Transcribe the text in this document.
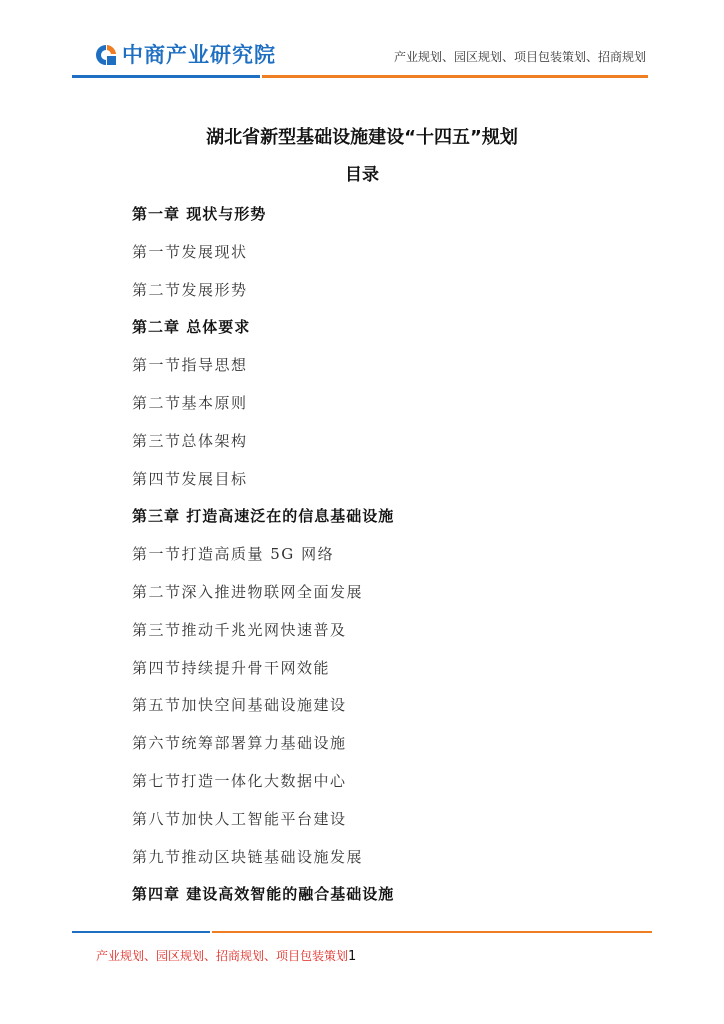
中商产业研究院	产业规划、园区规划、项目包装策划、招商规划
湖北省新型基础设施建设“十四五”规划
目录
第一章 现状与形势
第一节发展现状
第二节发展形势
第二章 总体要求
第一节指导思想
第二节基本原则
第三节总体架构
第四节发展目标
第三章 打造高速泛在的信息基础设施
第一节打造高质量 5G 网络
第二节深入推进物联网全面发展
第三节推动千兆光网快速普及
第四节持续提升骨干网效能
第五节加快空间基础设施建设
第六节统筹部署算力基础设施
第七节打造一体化大数据中心
第八节加快人工智能平台建设
第九节推动区块链基础设施发展
第四章 建设高效智能的融合基础设施
产业规划、园区规划、招商规划、项目包装策划1
